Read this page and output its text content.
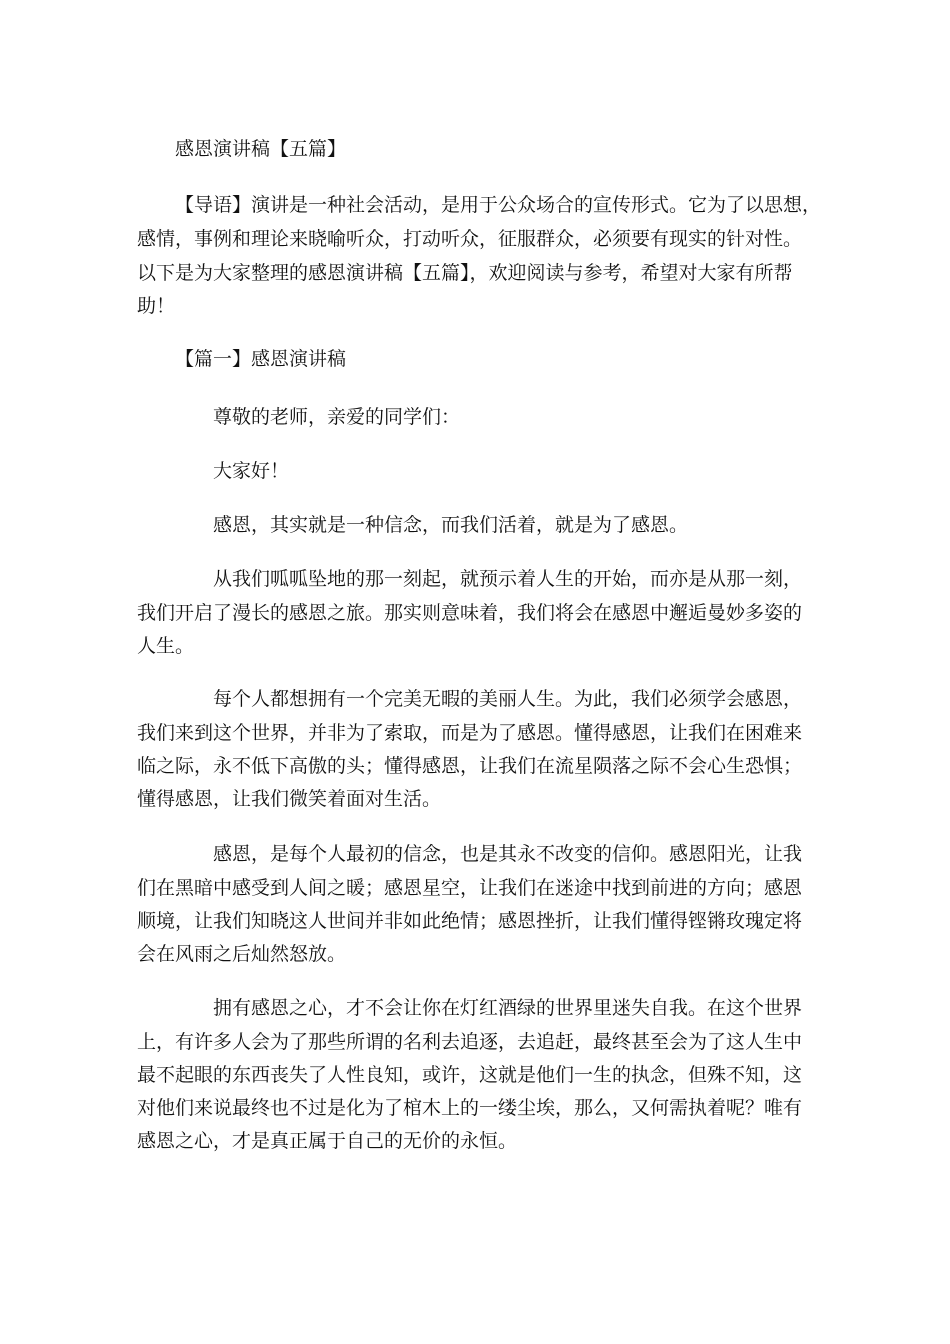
感恩演讲稿【五篇】

【导语】演讲是一种社会活动，是用于公众场合的宣传形式。它为了以思想，

感情，事例和理论来晓喻听众，打动听众，征服群众，必须要有现实的针对性。

以下是为大家整理的感恩演讲稿【五篇】，欢迎阅读与参考，希望对大家有所帮

助！

【篇一】感恩演讲稿

尊敬的老师，亲爱的同学们：

大家好！

感恩，其实就是一种信念，而我们活着，就是为了感恩。

从我们呱呱坠地的那一刻起，就预示着人生的开始，而亦是从那一刻，

我们开启了漫长的感恩之旅。那实则意味着，我们将会在感恩中邂逅曼妙多姿的

人生。

每个人都想拥有一个完美无暇的美丽人生。为此，我们必须学会感恩，

我们来到这个世界，并非为了索取，而是为了感恩。懂得感恩，让我们在困难来

临之际，永不低下高傲的头；懂得感恩，让我们在流星陨落之际不会心生恐惧；

懂得感恩，让我们微笑着面对生活。

感恩，是每个人最初的信念，也是其永不改变的信仰。感恩阳光，让我

们在黑暗中感受到人间之暖；感恩星空，让我们在迷途中找到前进的方向；感恩

顺境，让我们知晓这人世间并非如此绝情；感恩挫折，让我们懂得铿锵玫瑰定将

会在风雨之后灿然怒放。

拥有感恩之心，才不会让你在灯红酒绿的世界里迷失自我。在这个世界

上，有许多人会为了那些所谓的名利去追逐，去追赶，最终甚至会为了这人生中

最不起眼的东西丧失了人性良知，或许，这就是他们一生的执念，但殊不知，这

对他们来说最终也不过是化为了棺木上的一缕尘埃，那么，又何需执着呢？唯有

感恩之心，才是真正属于自己的无价的永恒。
